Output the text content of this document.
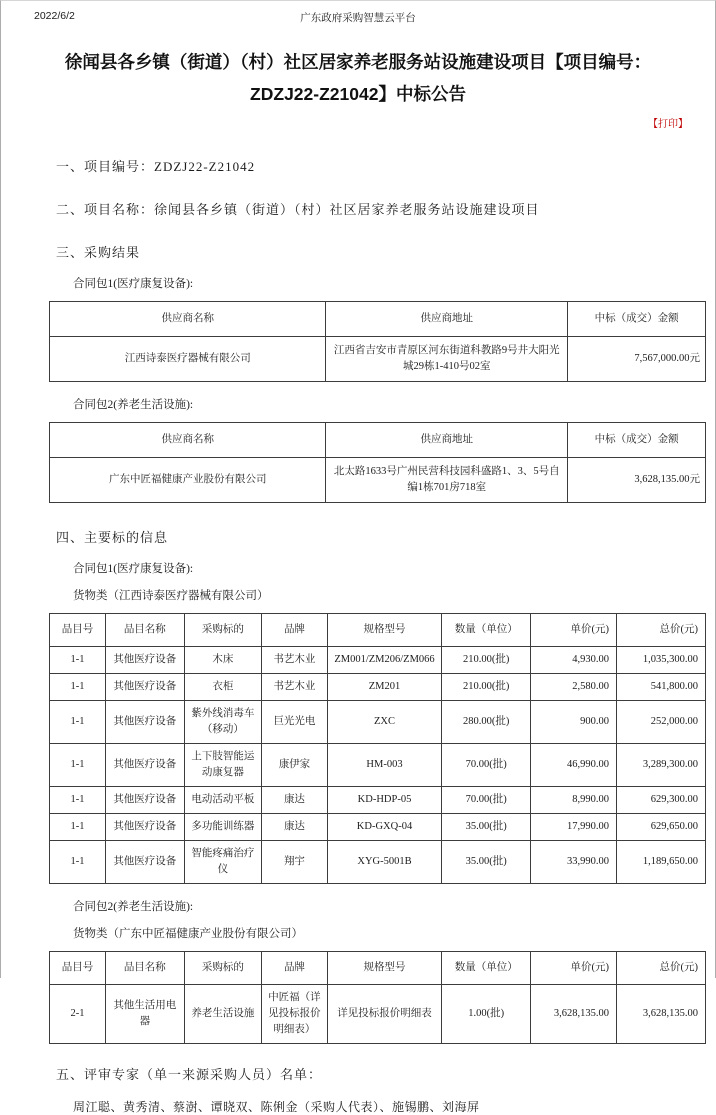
2022/6/2	广东政府采购智慧云平台
徐闻县各乡镇（街道）（村）社区居家养老服务站设施建设项目【项目编号：ZDZJ22-Z21042】中标公告
【打印】
一、项目编号：ZDZJ22-Z21042
二、项目名称：徐闻县各乡镇（街道）（村）社区居家养老服务站设施建设项目
三、采购结果
合同包1(医疗康复设备):
供应商名称	供应商地址	中标（成交）金额
江西诗泰医疗器械有限公司	江西省吉安市青原区河东街道科教路9号井大阳光城29栋1-410号02室	7,567,000.00元
合同包2(养老生活设施):
供应商名称	供应商地址	中标（成交）金额
广东中匠福健康产业股份有限公司	北太路1633号广州民营科技园科盛路1、3、5号自编1栋701房718室	3,628,135.00元
四、主要标的信息
合同包1(医疗康复设备):
货物类（江西诗泰医疗器械有限公司）
品目号	品目名称	采购标的	品牌	规格型号	数量（单位）	单价(元)	总价(元)
1-1	其他医疗设备	木床	书艺木业	ZM001/ZM206/ZM066	210.00(批)	4,930.00	1,035,300.00
1-1	其他医疗设备	衣柜	书艺木业	ZM201	210.00(批)	2,580.00	541,800.00
1-1	其他医疗设备	紫外线消毒车（移动）	巨光光电	ZXC	280.00(批)	900.00	252,000.00
1-1	其他医疗设备	上下肢智能运动康复器	康伊家	HM-003	70.00(批)	46,990.00	3,289,300.00
1-1	其他医疗设备	电动活动平板	康达	KD-HDP-05	70.00(批)	8,990.00	629,300.00
1-1	其他医疗设备	多功能训练器	康达	KD-GXQ-04	35.00(批)	17,990.00	629,650.00
1-1	其他医疗设备	智能疼痛治疗仪	翔宇	XYG-5001B	35.00(批)	33,990.00	1,189,650.00
合同包2(养老生活设施):
货物类（广东中匠福健康产业股份有限公司）
品目号	品目名称	采购标的	品牌	规格型号	数量（单位）	单价(元)	总价(元)
2-1	其他生活用电器	养老生活设施	中匠福（详见投标报价明细表）	详见投标报价明细表	1.00(批)	3,628,135.00	3,628,135.00
五、评审专家（单一来源采购人员）名单：
周江聪、黄秀清、蔡澍、谭晓双、陈俐金（采购人代表）、施锡鹏、刘海屏
